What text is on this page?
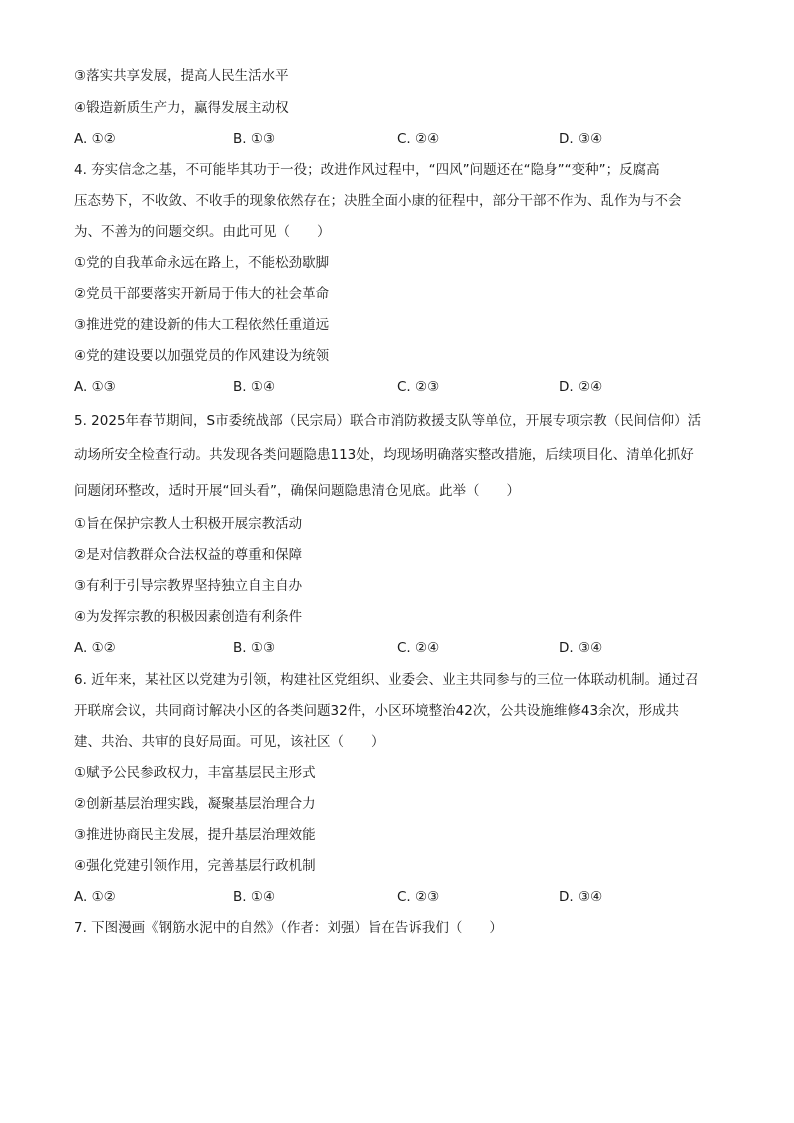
③落实共享发展，提高人民生活水平
④锻造新质生产力，赢得发展主动权
A. ①②	B. ①③	C. ②④	D. ③④
4. 夯实信念之基，不可能毕其功于一役；改进作风过程中，“四风”问题还在“隐身”“变种”；反腐高
压态势下，不收敛、不收手的现象依然存在；决胜全面小康的征程中，部分干部不作为、乱作为与不会
为、不善为的问题交织。由此可见（　　）
①党的自我革命永远在路上，不能松劲歇脚
②党员干部要落实开新局于伟大的社会革命
③推进党的建设新的伟大工程依然任重道远
④党的建设要以加强党员的作风建设为统领
A. ①③	B. ①④	C. ②③	D. ②④
5. 2025年春节期间，S市委统战部（民宗局）联合市消防救援支队等单位，开展专项宗教（民间信仰）活
动场所安全检查行动。共发现各类问题隐患113处，均现场明确落实整改措施，后续项目化、清单化抓好
问题闭环整改，适时开展“回头看”，确保问题隐患清仓见底。此举（　　）
①旨在保护宗教人士积极开展宗教活动
②是对信教群众合法权益的尊重和保障
③有利于引导宗教界坚持独立自主自办
④为发挥宗教的积极因素创造有利条件
A. ①②	B. ①③	C. ②④	D. ③④
6. 近年来，某社区以党建为引领，构建社区党组织、业委会、业主共同参与的三位一体联动机制。通过召
开联席会议，共同商讨解决小区的各类问题32件，小区环境整治42次，公共设施维修43余次，形成共
建、共治、共审的良好局面。可见，该社区（　　）
①赋予公民参政权力，丰富基层民主形式
②创新基层治理实践，凝聚基层治理合力
③推进协商民主发展，提升基层治理效能
④强化党建引领作用，完善基层行政机制
A. ①②	B. ①④	C. ②③	D. ③④
7. 下图漫画《钢筋水泥中的自然》（作者：刘强）旨在告诉我们（　　）
